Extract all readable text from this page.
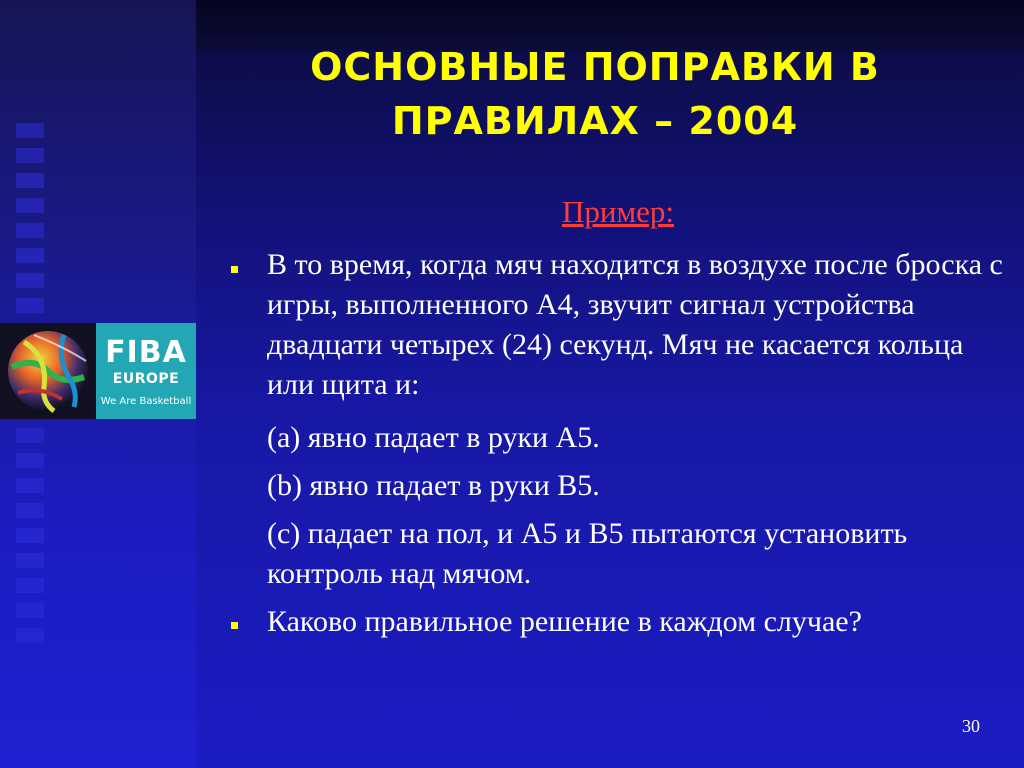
FIBA
EUROPE
We Are Basketball
ОСНОВНЫЕ ПОПРАВКИ В ПРАВИЛАХ – 2004
Пример:
В то время, когда мяч находится в воздухе после броска с игры, выполненного А4, звучит сигнал устройства двадцати четырех (24) секунд. Мяч не касается кольца или щита и:
(a) явно падает в руки А5.
(b) явно падает в руки В5.
(c) падает на пол, и А5 и В5 пытаются установить контроль над мячом.
Каково правильное решение в каждом случае?
30
